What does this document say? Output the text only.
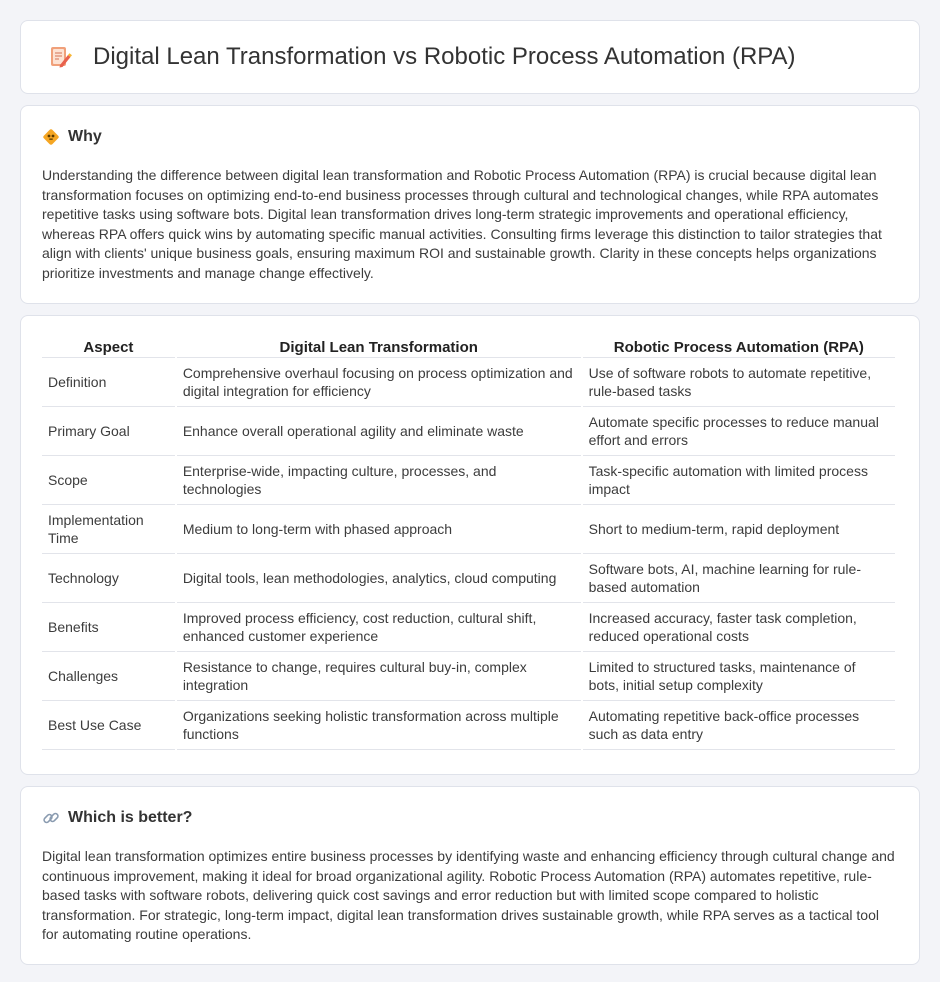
Digital Lean Transformation vs Robotic Process Automation (RPA)
Why

Understanding the difference between digital lean transformation and Robotic Process Automation (RPA) is crucial because digital lean transformation focuses on optimizing end-to-end business processes through cultural and technological changes, while RPA automates repetitive tasks using software bots. Digital lean transformation drives long-term strategic improvements and operational efficiency, whereas RPA offers quick wins by automating specific manual activities. Consulting firms leverage this distinction to tailor strategies that align with clients' unique business goals, ensuring maximum ROI and sustainable growth. Clarity in these concepts helps organizations prioritize investments and manage change effectively.

Aspect	Digital Lean Transformation	Robotic Process Automation (RPA)
Definition	Comprehensive overhaul focusing on process optimization and digital integration for efficiency	Use of software robots to automate repetitive, rule-based tasks
Primary Goal	Enhance overall operational agility and eliminate waste	Automate specific processes to reduce manual effort and errors
Scope	Enterprise-wide, impacting culture, processes, and technologies	Task-specific automation with limited process impact
Implementation Time	Medium to long-term with phased approach	Short to medium-term, rapid deployment
Technology	Digital tools, lean methodologies, analytics, cloud computing	Software bots, AI, machine learning for rule-based automation
Benefits	Improved process efficiency, cost reduction, cultural shift, enhanced customer experience	Increased accuracy, faster task completion, reduced operational costs
Challenges	Resistance to change, requires cultural buy-in, complex integration	Limited to structured tasks, maintenance of bots, initial setup complexity
Best Use Case	Organizations seeking holistic transformation across multiple functions	Automating repetitive back-office processes such as data entry
Which is better?

Digital lean transformation optimizes entire business processes by identifying waste and enhancing efficiency through cultural change and continuous improvement, making it ideal for broad organizational agility. Robotic Process Automation (RPA) automates repetitive, rule-based tasks with software robots, delivering quick cost savings and error reduction but with limited scope compared to holistic transformation. For strategic, long-term impact, digital lean transformation drives sustainable growth, while RPA serves as a tactical tool for automating routine operations.
